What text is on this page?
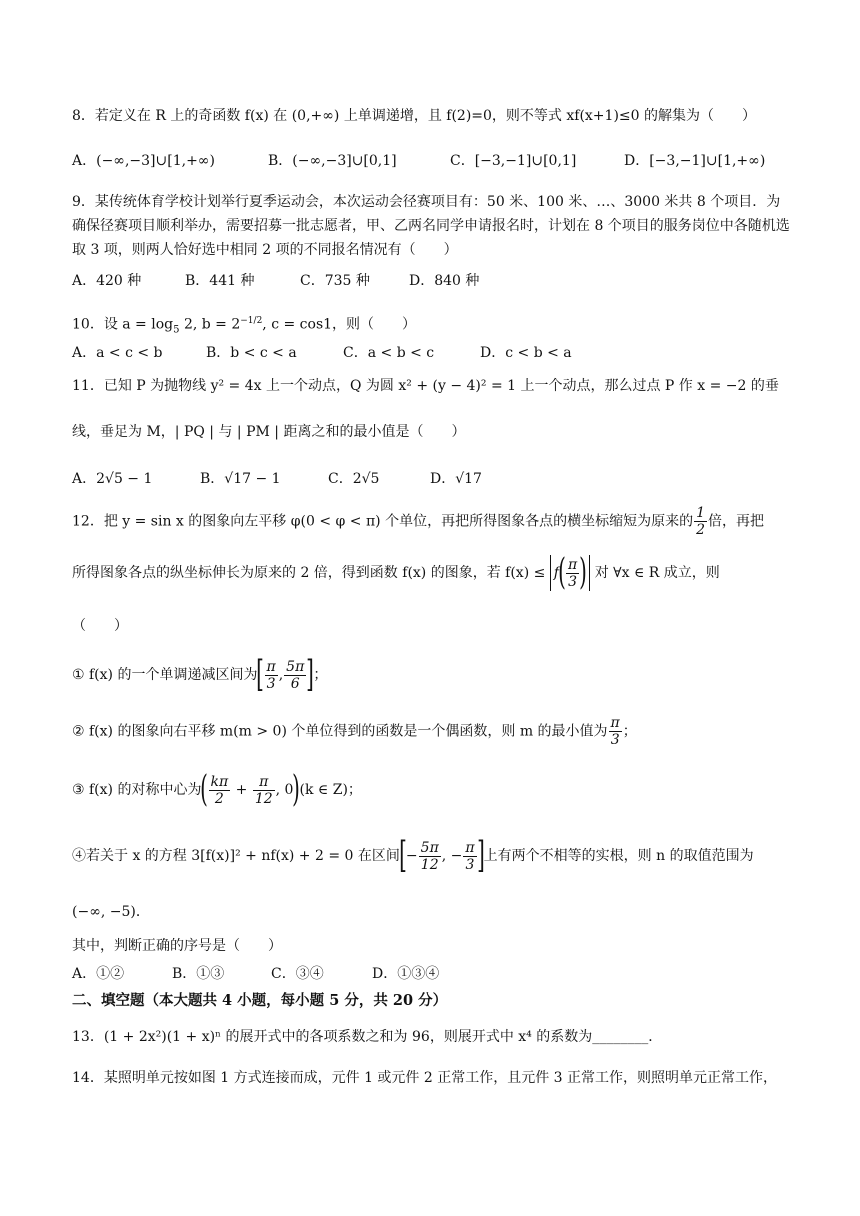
8．若定义在 R 上的奇函数 f(x) 在 (0,+∞) 上单调递增，且 f(2)=0，则不等式 xf(x+1)≤0 的解集为（　　）
A．(−∞,−3]∪[1,+∞)	B．(−∞,−3]∪[0,1]	C．[−3,−1]∪[0,1]	D．[−3,−1]∪[1,+∞)
9．某传统体育学校计划举行夏季运动会，本次运动会径赛项目有：50 米、100 米、…、3000 米共 8 个项目．为确保径赛项目顺利举办，需要招募一批志愿者，甲、乙两名同学申请报名时，计划在 8 个项目的服务岗位中各随机选取 3 项，则两人恰好选中相同 2 项的不同报名情况有（　　）
A．420 种	B．441 种	C．735 种	D．840 种
10．设 $a = \log_5 2$, $b = 2^{-1/2}$, c = cos1，则（　　）
A．a < c < b	B．b < c < a	C．a < b < c	D．c < b < a
11．已知 P 为抛物线 y² = 4x 上一个动点，Q 为圆 x² + (y − 4)² = 1 上一个动点，那么过点 P 作 x = −2 的垂
线，垂足为 M，| PQ | 与 | PM | 距离之和的最小值是（　　）
A．2√5 − 1	B．√17 − 1	C．2√5	D．√17
12．把 y = sin x 的图象向左平移 φ(0 < φ < π) 个单位，再把所得图象各点的横坐标缩短为原来的 $\frac{1}{2}$ 倍，再把
所得图象各点的纵坐标伸长为原来的 2 倍，得到函数 f(x) 的图象，若 $f(x) \le f( \frac{\pi}{3}$ ) 对 ∀x ∈ R 成立，则
（　　）
① f(x) 的一个单调递减区间为[ $\frac{\pi}{3}$ , $\frac{5\pi}{6}$ ]；
② f(x) 的图象向右平移 m(m > 0) 个单位得到的函数是一个偶函数，则 m 的最小值为 $\frac{\pi}{3}$ ；
③ f(x) 的对称中心为( $\frac{k\pi}{2} + \frac{\pi}{12}$ , 0)(k ∈ Z)；
④若关于 x 的方程 3[f(x)]² + nf(x) + 2 = 0 在区间[− $\frac{5\pi}{12}$ , − $\frac{\pi}{3}$ ]上有两个不相等的实根，则 n 的取值范围为
(−∞, −5)．
其中，判断正确的序号是（　　）
A．①②	B．①③	C．③④	D．①③④
二、填空题（本大题共 4 小题，每小题 5 分，共 20 分）
13．(1 + 2x²)(1 + x)ⁿ 的展开式中的各项系数之和为 96，则展开式中 x⁴ 的系数为________．
14．某照明单元按如图 1 方式连接而成，元件 1 或元件 2 正常工作，且元件 3 正常工作，则照明单元正常工作，
